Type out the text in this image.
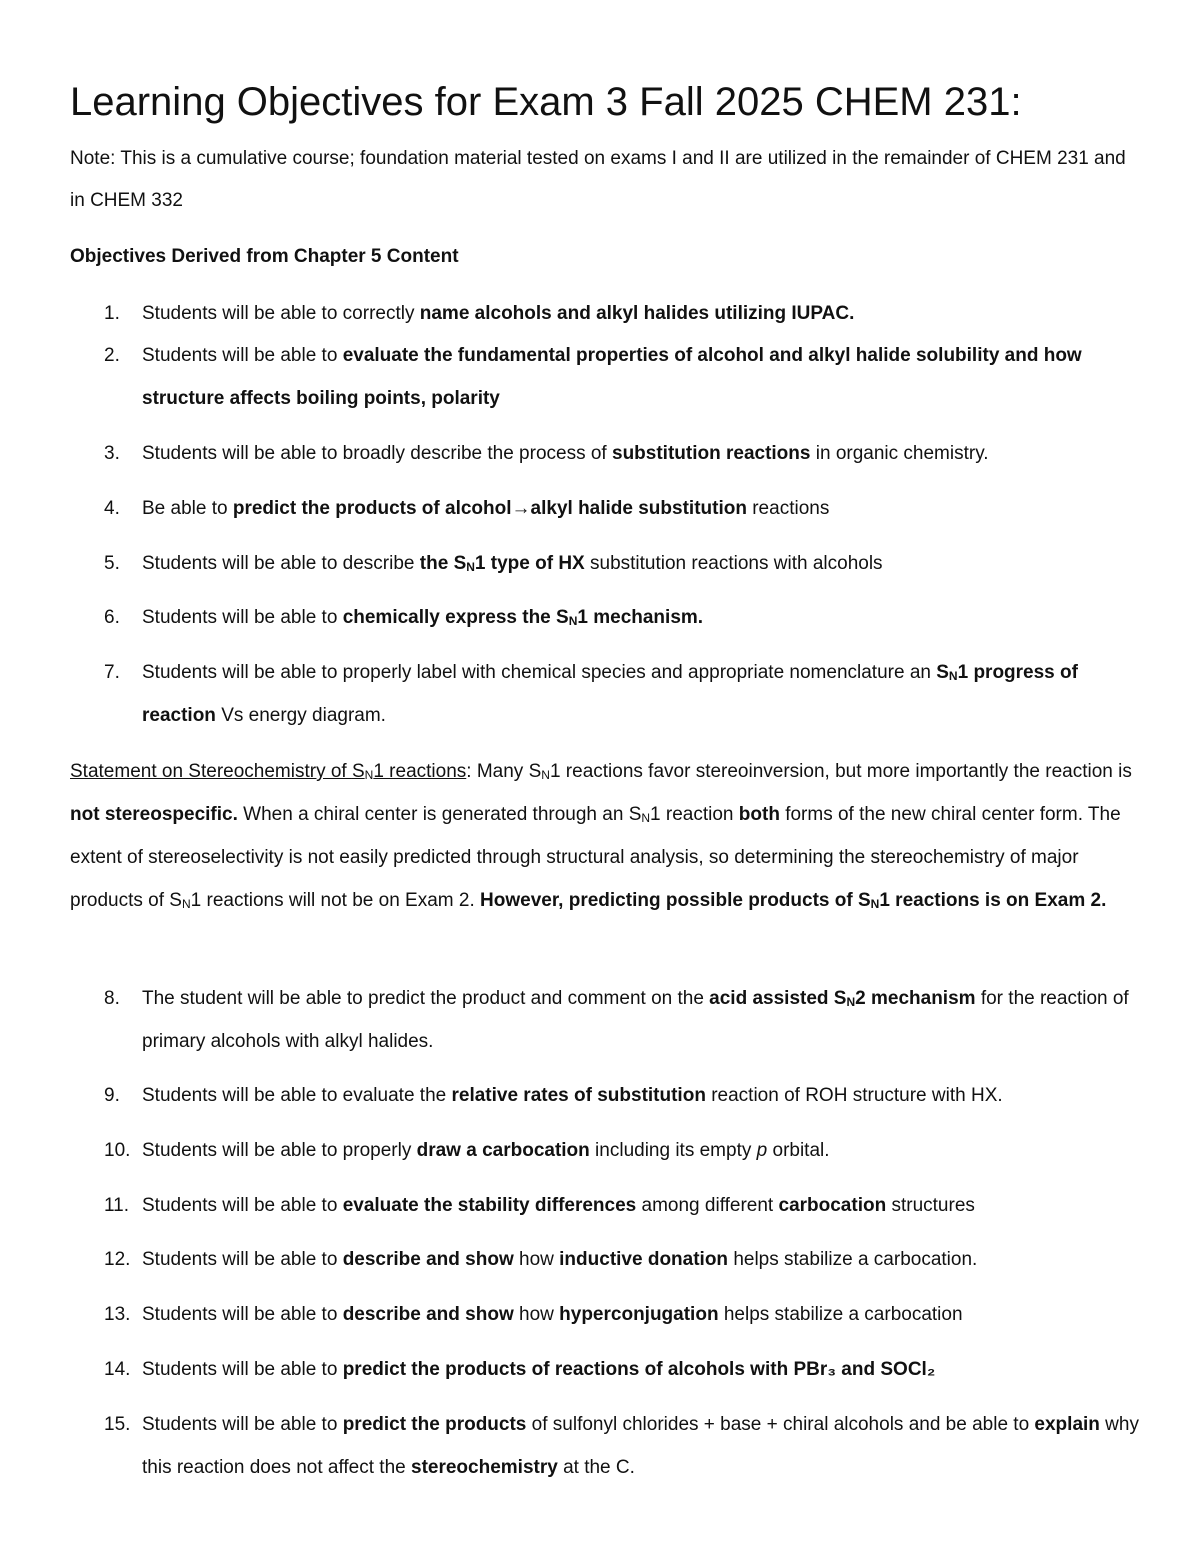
Learning Objectives for Exam 3 Fall 2025 CHEM 231:
Note: This is a cumulative course; foundation material tested on exams I and II are utilized in the remainder of CHEM 231 and in CHEM 332
Objectives Derived from Chapter 5 Content
1.	Students will be able to correctly name alcohols and alkyl halides utilizing IUPAC.
2.	Students will be able to evaluate the fundamental properties of alcohol and alkyl halide solubility and how structure affects boiling points, polarity
3.	Students will be able to broadly describe the process of substitution reactions in organic chemistry.
4.	Be able to predict the products of alcohol→alkyl halide substitution reactions
5.	Students will be able to describe the $S_N1$ type of HX substitution reactions with alcohols
6.	Students will be able to chemically express the $S_N1$ mechanism.
7.	Students will be able to properly label with chemical species and appropriate nomenclature an $S_N1$ progress of reaction Vs energy diagram.
Statement on Stereochemistry of $S_N1$ reactions: Many $S_N1$ reactions favor stereoinversion, but more importantly the reaction is not stereospecific. When a chiral center is generated through an $S_N1$ reaction both forms of the new chiral center form. The extent of stereoselectivity is not easily predicted through structural analysis, so determining the stereochemistry of major products of $S_N1$ reactions will not be on Exam 2. However, predicting possible products of $S_N1$ reactions is on Exam 2.
8.	The student will be able to predict the product and comment on the acid assisted $S_N2$ mechanism for the reaction of primary alcohols with alkyl halides.
9.	Students will be able to evaluate the relative rates of substitution reaction of ROH structure with HX.
10. Students will be able to properly draw a carbocation including its empty p orbital.
11. Students will be able to evaluate the stability differences among different carbocation structures
12. Students will be able to describe and show how inductive donation helps stabilize a carbocation.
13. Students will be able to describe and show how hyperconjugation helps stabilize a carbocation
14. Students will be able to predict the products of reactions of alcohols with PBr₃ and SOCl₂
15. Students will be able to predict the products of sulfonyl chlorides + base + chiral alcohols and be able to explain why this reaction does not affect the stereochemistry at the C.
